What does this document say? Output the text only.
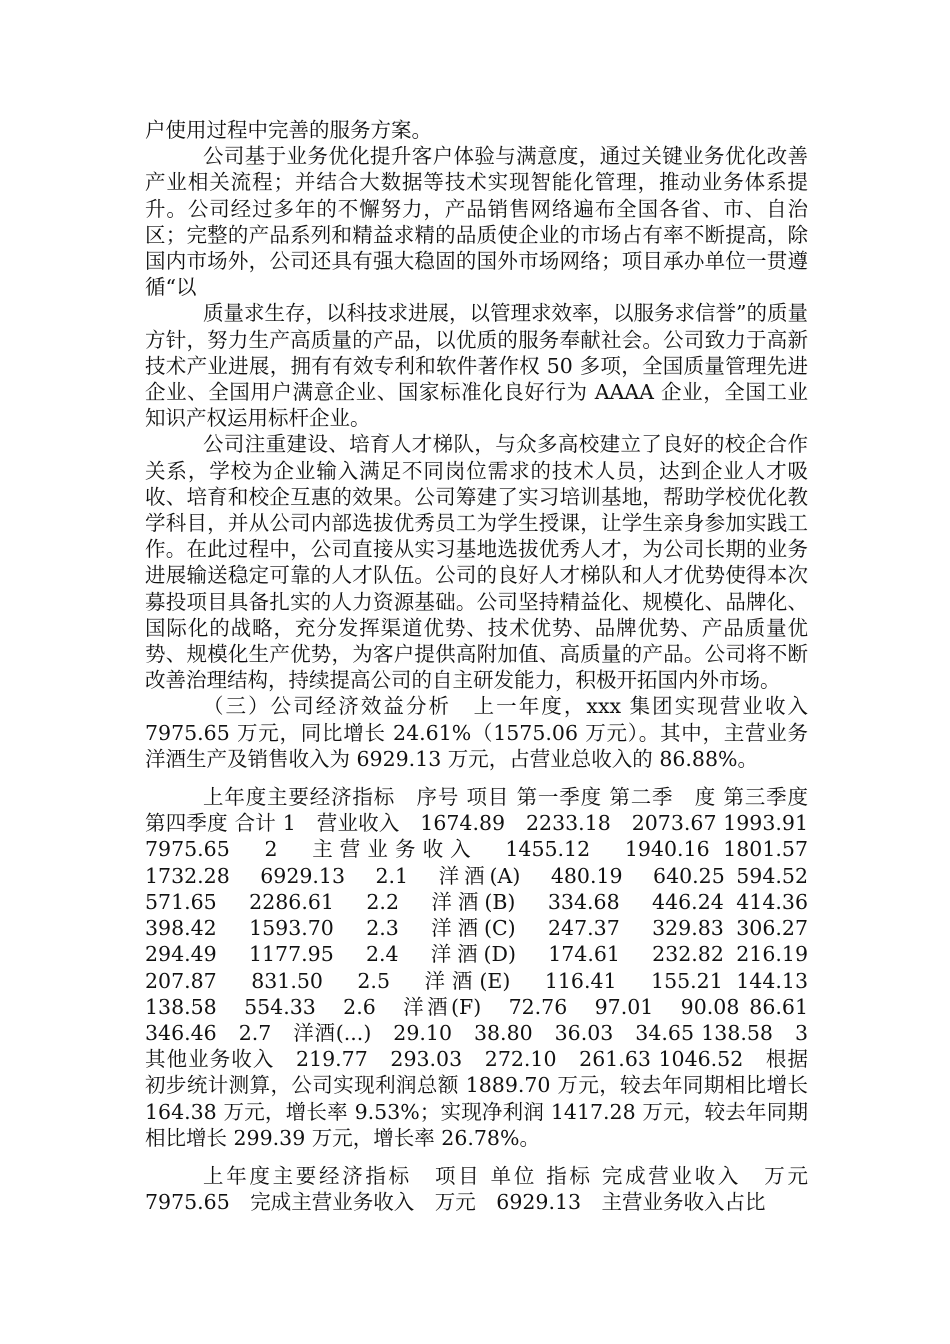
户使用过程中完善的服务方案。

公司基于业务优化提升客户体验与满意度，通过关键业务优化改善产业相关流程；并结合大数据等技术实现智能化管理，推动业务体系提升。公司经过多年的不懈努力，产品销售网络遍布全国各省、市、自治区；完整的产品系列和精益求精的品质使企业的市场占有率不断提高，除国内市场外，公司还具有强大稳固的国外市场网络；项目承办单位一贯遵循“以

质量求生存，以科技求进展，以管理求效率，以服务求信誉”的质量方针，努力生产高质量的产品，以优质的服务奉献社会。公司致力于高新技术产业进展，拥有有效专利和软件著作权 50 多项，全国质量管理先进企业、全国用户满意企业、国家标准化良好行为 AAAA 企业，全国工业知识产权运用标杆企业。

公司注重建设、培育人才梯队，与众多高校建立了良好的校企合作关系，学校为企业输入满足不同岗位需求的技术人员，达到企业人才吸收、培育和校企互惠的效果。公司筹建了实习培训基地，帮助学校优化教学科目，并从公司内部选拔优秀员工为学生授课，让学生亲身参加实践工作。在此过程中，公司直接从实习基地选拔优秀人才，为公司长期的业务进展输送稳定可靠的人才队伍。公司的良好人才梯队和人才优势使得本次募投项目具备扎实的人力资源基础。公司坚持精益化、规模化、品牌化、国际化的战略，充分发挥渠道优势、技术优势、品牌优势、产品质量优势、规模化生产优势，为客户提供高附加值、高质量的产品。公司将不断改善治理结构，持续提高公司的自主研发能力，积极开拓国内外市场。

（三）公司经济效益分析　上一年度，xxx 集团实现营业收入 7975.65 万元，同比增长 24.61%（1575.06 万元）。其中，主营业务洋酒生产及销售收入为 6929.13 万元，占营业总收入的 86.88%。

上年度主要经济指标　序号 项目 第一季度 第二季　度 第三季度 第四季度 合计 1　营业收入　1674.89　2233.18　2073.67 1993.91　7975.65　2　主营业务收入　1455.12　1940.16 1801.57　1732.28　6929.13　2.1　洋酒(A)　480.19　640.25 594.52　571.65　2286.61　2.2　洋酒(B)　334.68　446.24 414.36　398.42　1593.70　2.3　洋酒(C)　247.37　329.83 306.27　294.49　1177.95　2.4　洋酒(D)　174.61　232.82 216.19　207.87　831.50　2.5　洋酒(E)　116.41　155.21 144.13　138.58　554.33　2.6　洋酒(F)　72.76　97.01　90.08 86.61　346.46　2.7　洋酒(...)　29.10　38.80　36.03　34.65 138.58　3　其他业务收入　219.77　293.03　272.10　261.63 1046.52　根据初步统计测算，公司实现利润总额 1889.70 万元，较去年同期相比增长 164.38 万元，增长率 9.53%；实现净利润 1417.28 万元，较去年同期相比增长 299.39 万元，增长率 26.78%。

上年度主要经济指标　项目 单位 指标 完成营业收入　万元 7975.65　完成主营业务收入　万元　6929.13　主营业务收入占比
